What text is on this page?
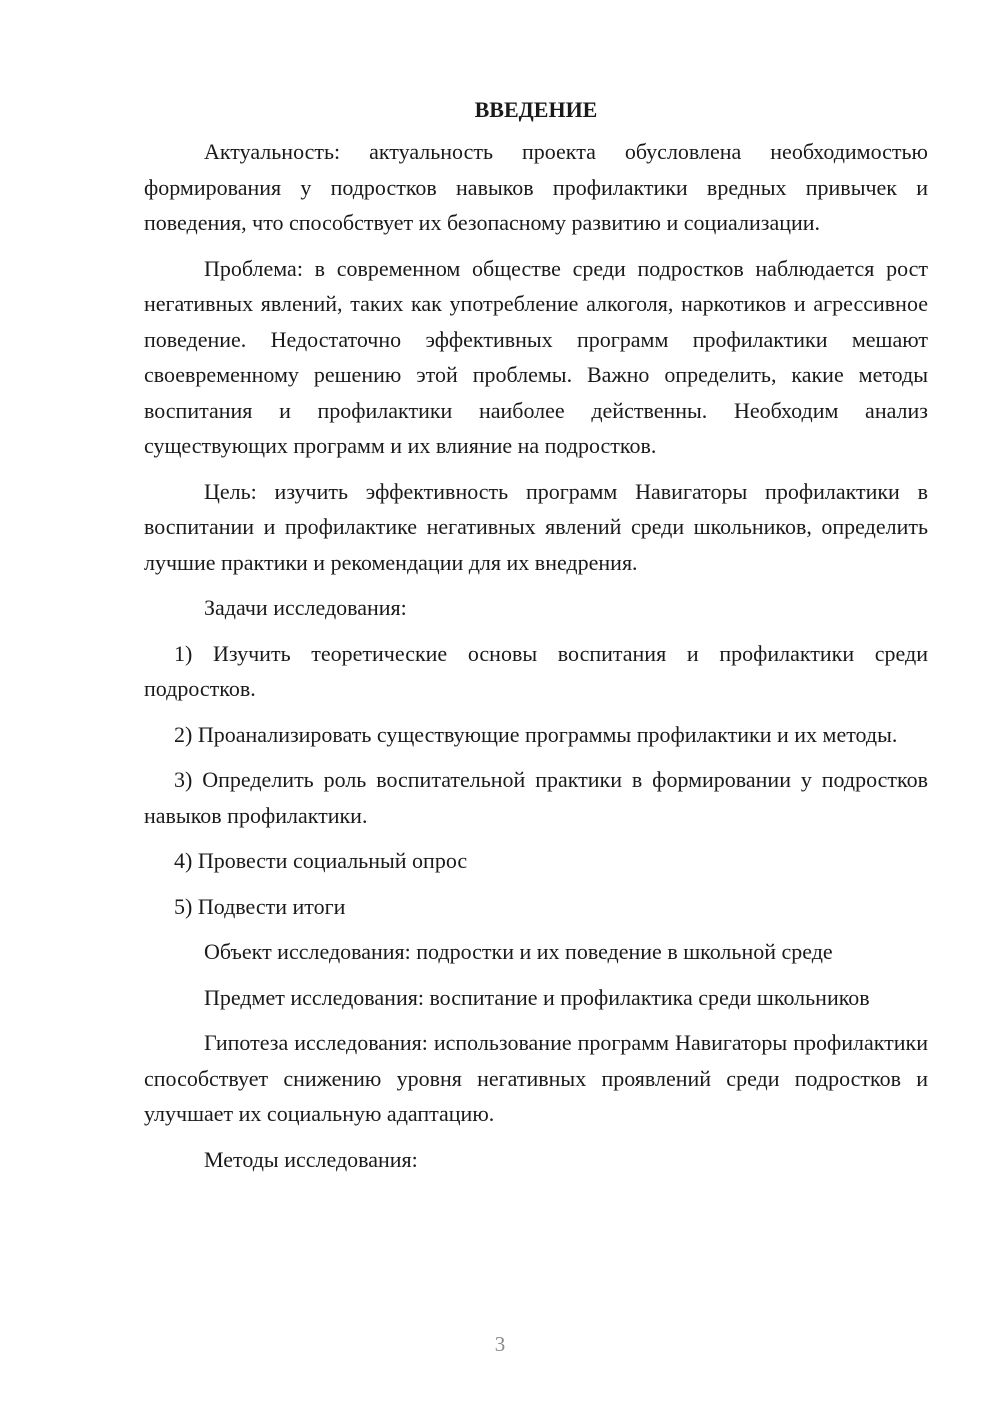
ВВЕДЕНИЕ

Актуальность: актуальность проекта обусловлена необходимостью формирования у подростков навыков профилактики вредных привычек и поведения, что способствует их безопасному развитию и социализации.

Проблема: в современном обществе среди подростков наблюдается рост негативных явлений, таких как употребление алкоголя, наркотиков и агрессивное поведение. Недостаточно эффективных программ профилактики мешают своевременному решению этой проблемы. Важно определить, какие методы воспитания и профилактики наиболее действенны. Необходим анализ существующих программ и их влияние на подростков.

Цель: изучить эффективность программ Навигаторы профилактики в воспитании и профилактике негативных явлений среди школьников, определить лучшие практики и рекомендации для их внедрения.

Задачи исследования:

1) Изучить теоретические основы воспитания и профилактики среди подростков.

2) Проанализировать существующие программы профилактики и их методы.

3) Определить роль воспитательной практики в формировании у подростков навыков профилактики.

4) Провести социальный опрос

5) Подвести итоги

Объект исследования: подростки и их поведение в школьной среде

Предмет исследования: воспитание и профилактика среди школьников

Гипотеза исследования: использование программ Навигаторы профилактики способствует снижению уровня негативных проявлений среди подростков и улучшает их социальную адаптацию.

Методы исследования:

3
